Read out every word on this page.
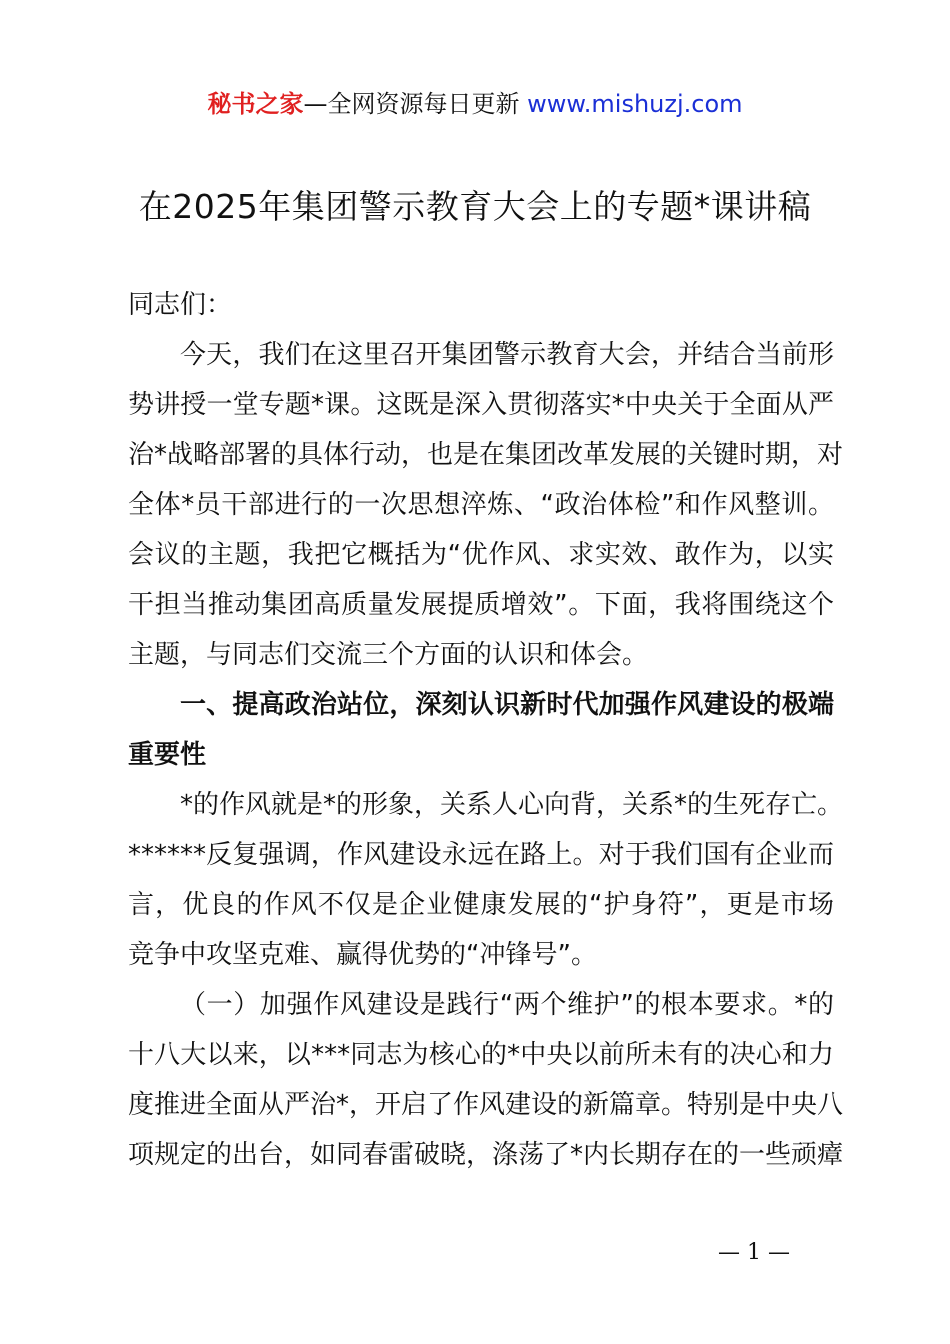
秘书之家—全网资源每日更新 www.mishuzj.com
在2025年集团警示教育大会上的专题*课讲稿
同志们：
今天，我们在这里召开集团警示教育大会，并结合当前形
势讲授一堂专题*课。这既是深入贯彻落实*中央关于全面从严
治*战略部署的具体行动，也是在集团改革发展的关键时期，对
全体*员干部进行的一次思想淬炼、“政治体检”和作风整训。
会议的主题，我把它概括为“优作风、求实效、敢作为，以实
干担当推动集团高质量发展提质增效”。下面，我将围绕这个
主题，与同志们交流三个方面的认识和体会。
一、提高政治站位，深刻认识新时代加强作风建设的极端
重要性
*的作风就是*的形象，关系人心向背，关系*的生死存亡。
******反复强调，作风建设永远在路上。对于我们国有企业而
言，优良的作风不仅是企业健康发展的“护身符”，更是市场
竞争中攻坚克难、赢得优势的“冲锋号”。
（一）加强作风建设是践行“两个维护”的根本要求。*的
十八大以来，以***同志为核心的*中央以前所未有的决心和力
度推进全面从严治*，开启了作风建设的新篇章。特别是中央八
项规定的出台，如同春雷破晓，涤荡了*内长期存在的一些顽瘴
— 1 —
